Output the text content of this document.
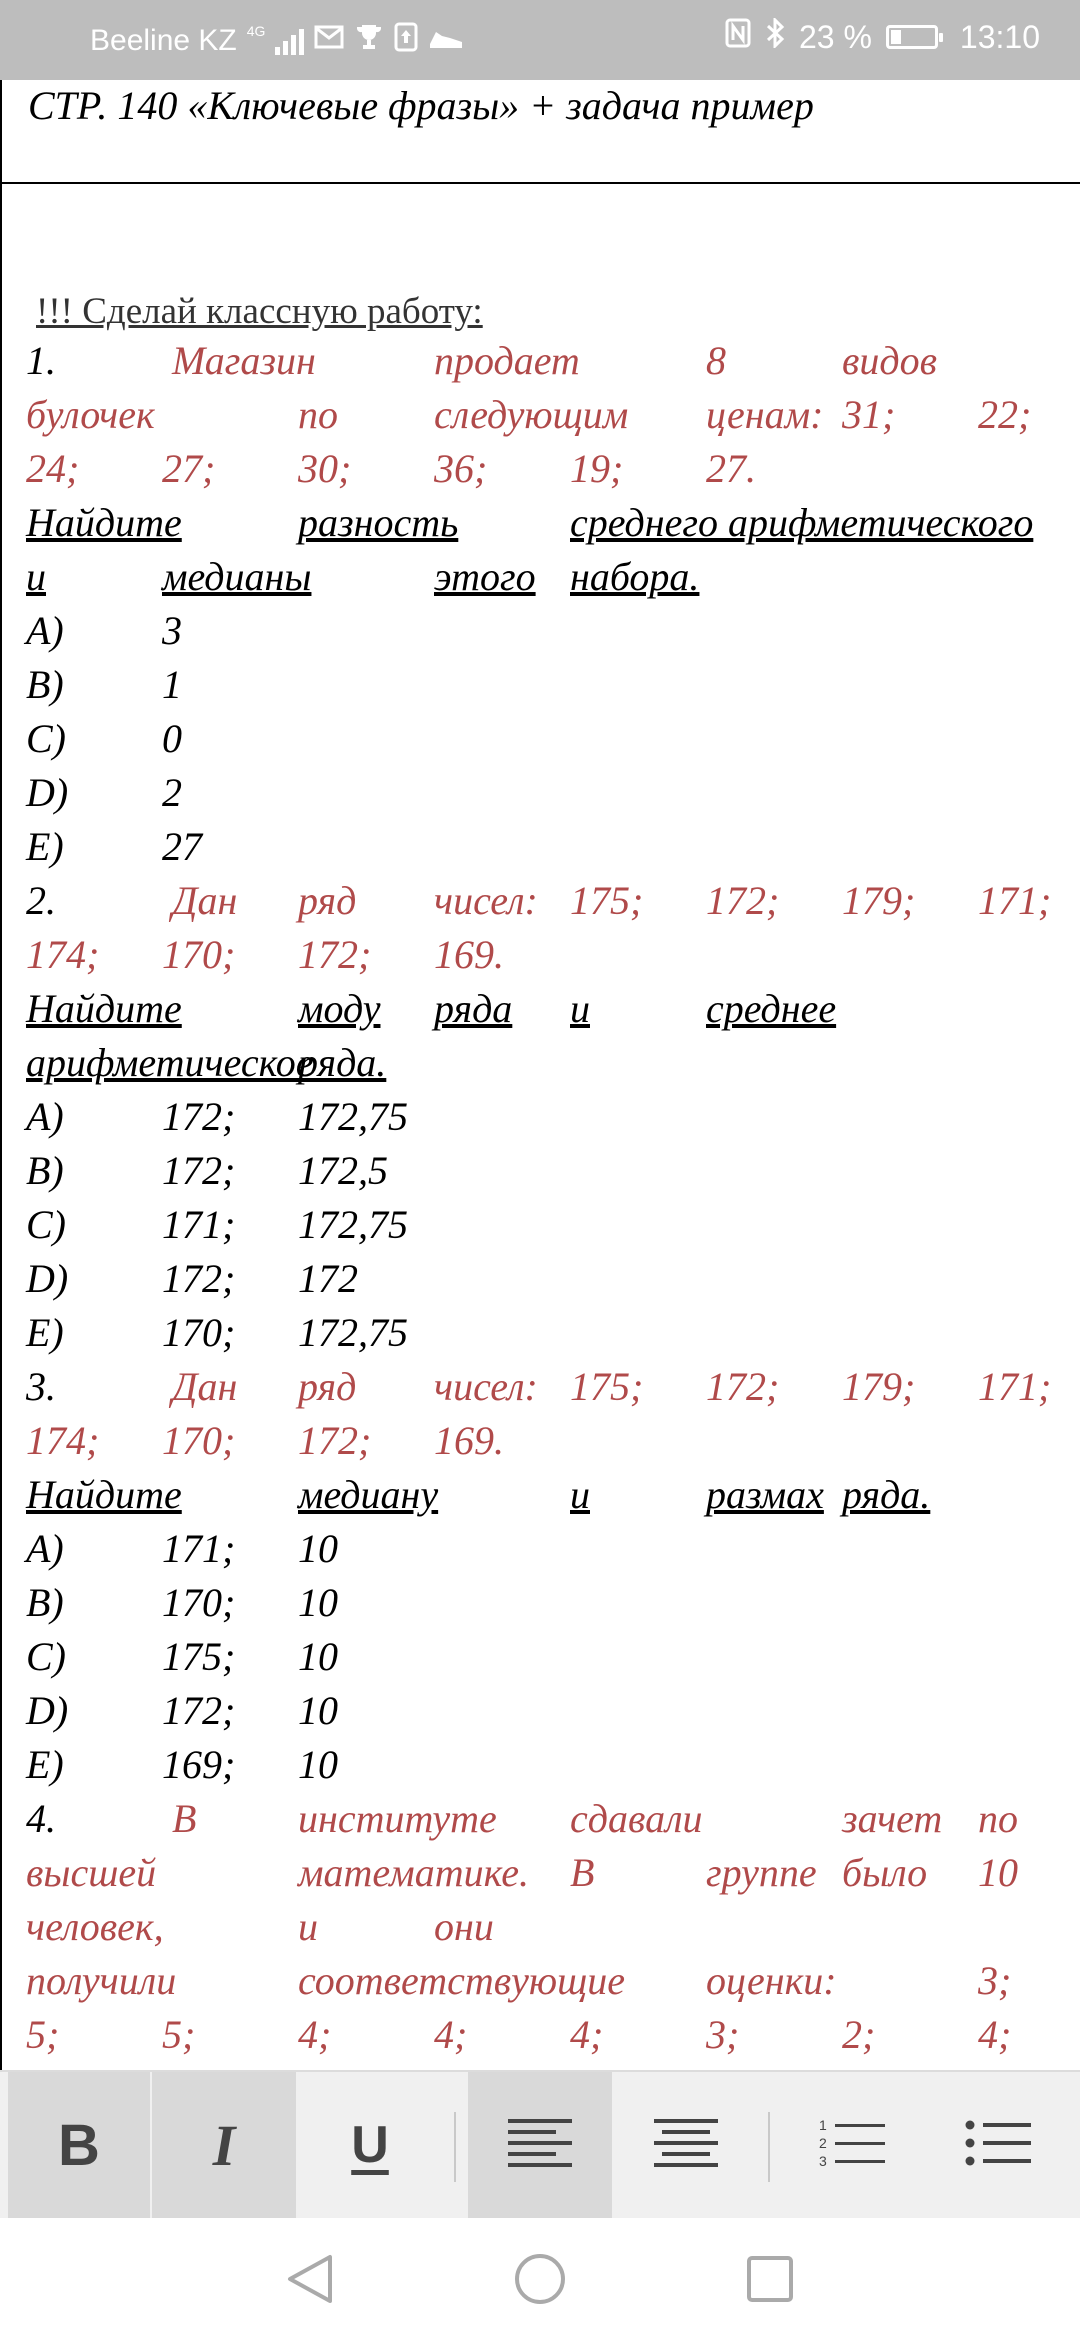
Beeline KZ 4G	23 %	13:10
СТР. 140 «Ключевые фразы» + задача пример
!!! Сделай классную работу:
1.	Магазин	продает	8	видов
булочек	по следующим ценам: 31; 22;
24; 27; 30; 36; 19; 27.
Найдите	разность	среднего арифметического
и	медианы	этого набора.
A) 3
B) 1
C) 0
D) 2
E) 27
2.	Дан ряд чисел: 175; 172; 179; 171;
174; 170; 172; 169.
Найдите	моду ряда и	среднее
арифметическое
ряда.
A) 172; 172,75
B) 172; 172,5
C) 171; 172,75
D) 172; 172
E) 170; 172,75
3.	Дан ряд чисел: 175; 172; 179; 171;
174; 170; 172; 169.
Найдите	медиану	и	размах ряда.
A) 171; 10
B) 170; 10
C) 175; 10
D) 172; 10
E) 169; 10
4.	В	институте сдавали	зачет по
высшей	математике. В	группе было 10
человек,	и	они
получили	соответствующие оценки:	3;
5;	5;	4;	4;	4;	3;	2;	4;
B I U	1
2
3
